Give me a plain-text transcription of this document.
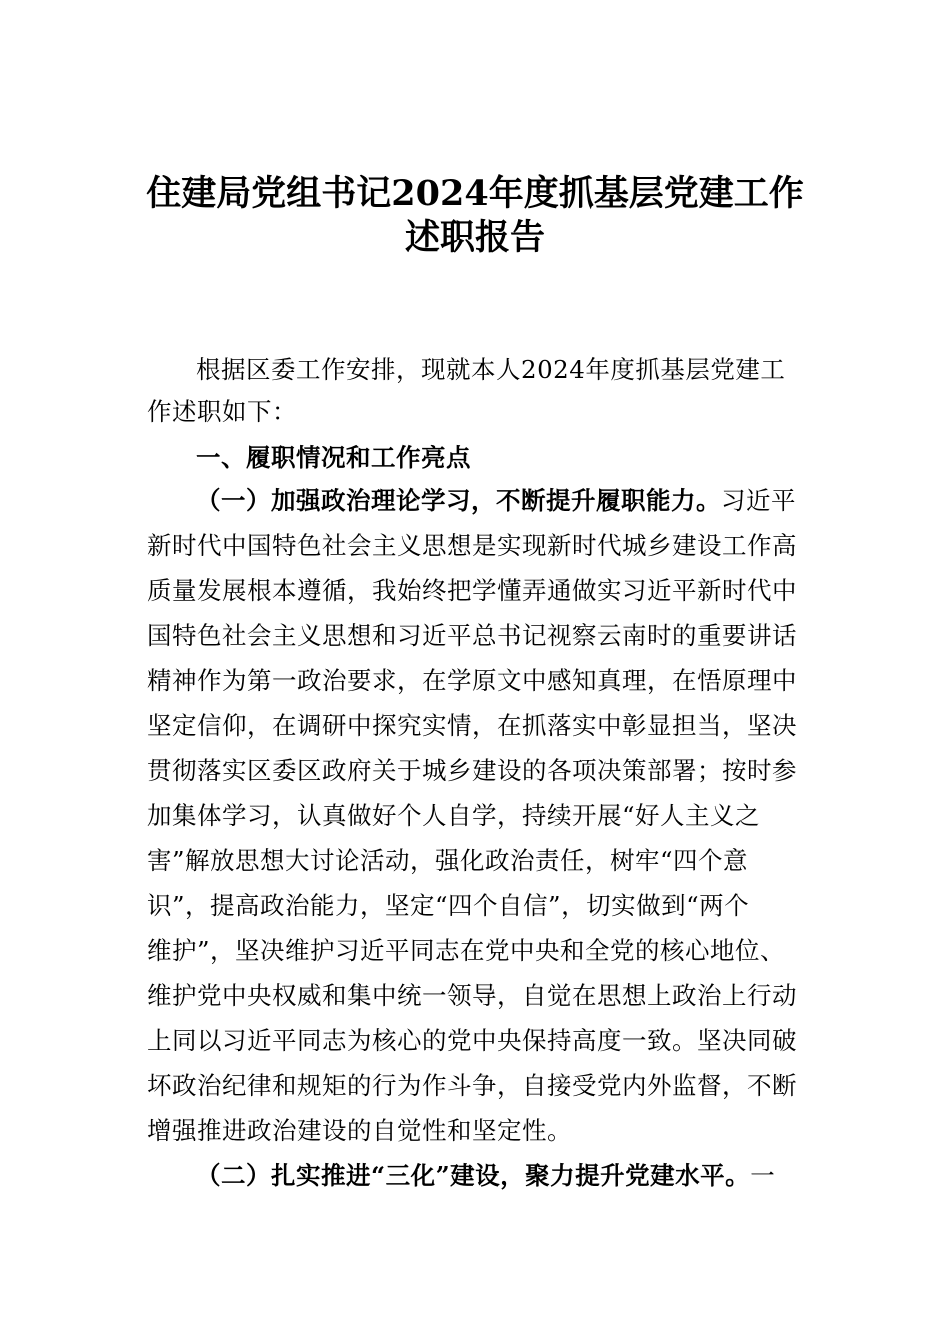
住建局党组书记2024年度抓基层党建工作
述职报告
根据区委工作安排，现就本人2024年度抓基层党建工
作述职如下：
一、履职情况和工作亮点
（一）加强政治理论学习，不断提升履职能力。习近平
新时代中国特色社会主义思想是实现新时代城乡建设工作高
质量发展根本遵循，我始终把学懂弄通做实习近平新时代中
国特色社会主义思想和习近平总书记视察云南时的重要讲话
精神作为第一政治要求，在学原文中感知真理，在悟原理中
坚定信仰，在调研中探究实情，在抓落实中彰显担当，坚决
贯彻落实区委区政府关于城乡建设的各项决策部署；按时参
加集体学习，认真做好个人自学，持续开展“好人主义之
害”解放思想大讨论活动，强化政治责任，树牢“四个意
识”，提高政治能力，坚定“四个自信”，切实做到“两个
维护”，坚决维护习近平同志在党中央和全党的核心地位、
维护党中央权威和集中统一领导，自觉在思想上政治上行动
上同以习近平同志为核心的党中央保持高度一致。坚决同破
坏政治纪律和规矩的行为作斗争，自接受党内外监督，不断
增强推进政治建设的自觉性和坚定性。
（二）扎实推进“三化”建设，聚力提升党建水平。一
